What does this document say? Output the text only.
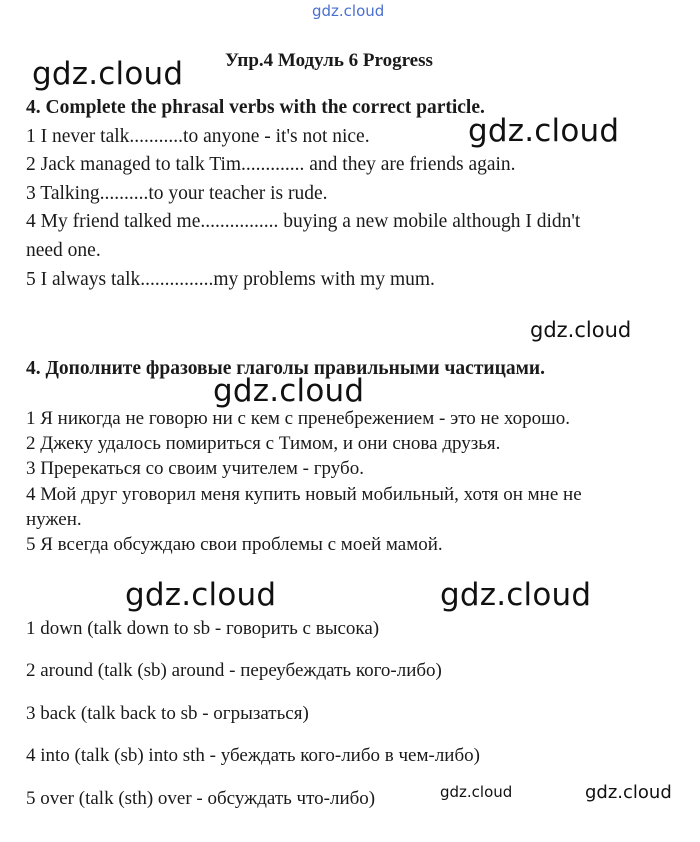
gdz.cloud
Упр.4 Модуль 6 Progress
gdz.cloud
gdz.cloud
4. Complete the phrasal verbs with the correct particle.
1 I never talk...........to anyone - it's not nice.
2 Jack managed to talk Tim............. and they are friends again.
3 Talking..........to your teacher is rude.
4 My friend talked me................ buying a new mobile although I didn't
need one.
5 I always talk...............my problems with my mum.
gdz.cloud
4. Дополните фразовые глаголы правильными частицами.
gdz.cloud
1 Я никогда не говорю ни с кем с пренебрежением - это не хорошо.
2 Джеку удалось помириться с Тимом, и они снова друзья.
3 Пререкаться со своим учителем - грубо.
4 Мой друг уговорил меня купить новый мобильный, хотя он мне не
нужен.
5 Я всегда обсуждаю свои проблемы с моей мамой.
gdz.cloud	gdz.cloud
1 down (talk down to sb - говорить с высока)
2 around (talk (sb) around - переубеждать кого-либо)
3 back (talk back to sb - огрызаться)
4 into (talk (sb) into sth - убеждать кого-либо в чем-либо)
5 over (talk (sth) over - обсуждать что-либо)	gdz.cloud	gdz.cloud
